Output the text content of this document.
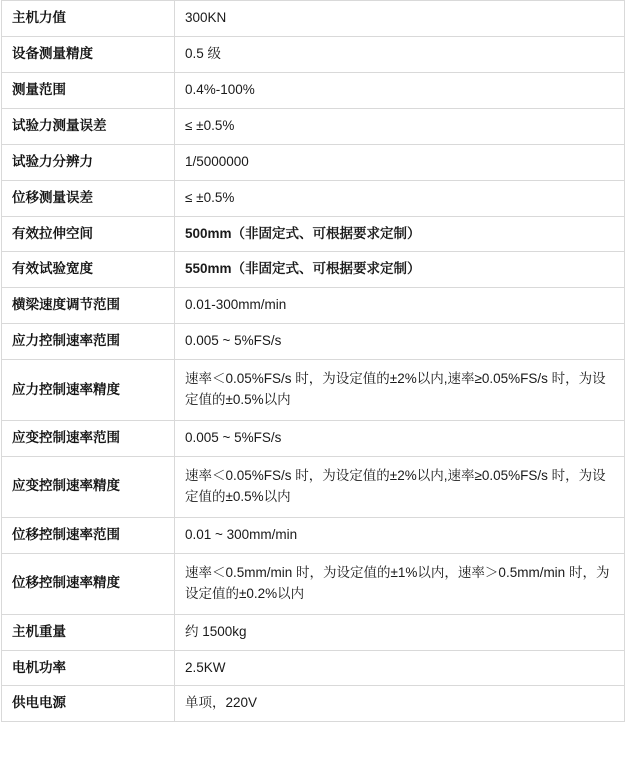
主机力值	300KN
设备测量精度	0.5 级
测量范围	0.4%-100%
试验力测量误差	≤ ±0.5%
试验力分辨力	1/5000000
位移测量误差	≤ ±0.5%
有效拉伸空间	500mm（非固定式、可根据要求定制）
有效试验宽度	550mm（非固定式、可根据要求定制）
横梁速度调节范围	0.01-300mm/min
应力控制速率范围	0.005 ~ 5%FS/s
应力控制速率精度	速率＜0.05%FS/s 时，为设定值的±2%以内,速率≥0.05%FS/s 时，为设定值的±0.5%以内
应变控制速率范围	0.005 ~ 5%FS/s
应变控制速率精度	速率＜0.05%FS/s 时，为设定值的±2%以内,速率≥0.05%FS/s 时，为设定值的±0.5%以内
位移控制速率范围	0.01 ~ 300mm/min
位移控制速率精度	速率＜0.5mm/min 时，为设定值的±1%以内，速率＞0.5mm/min 时，为设定值的±0.2%以内
主机重量	约 1500kg
电机功率	2.5KW
供电电源	单项，220V
